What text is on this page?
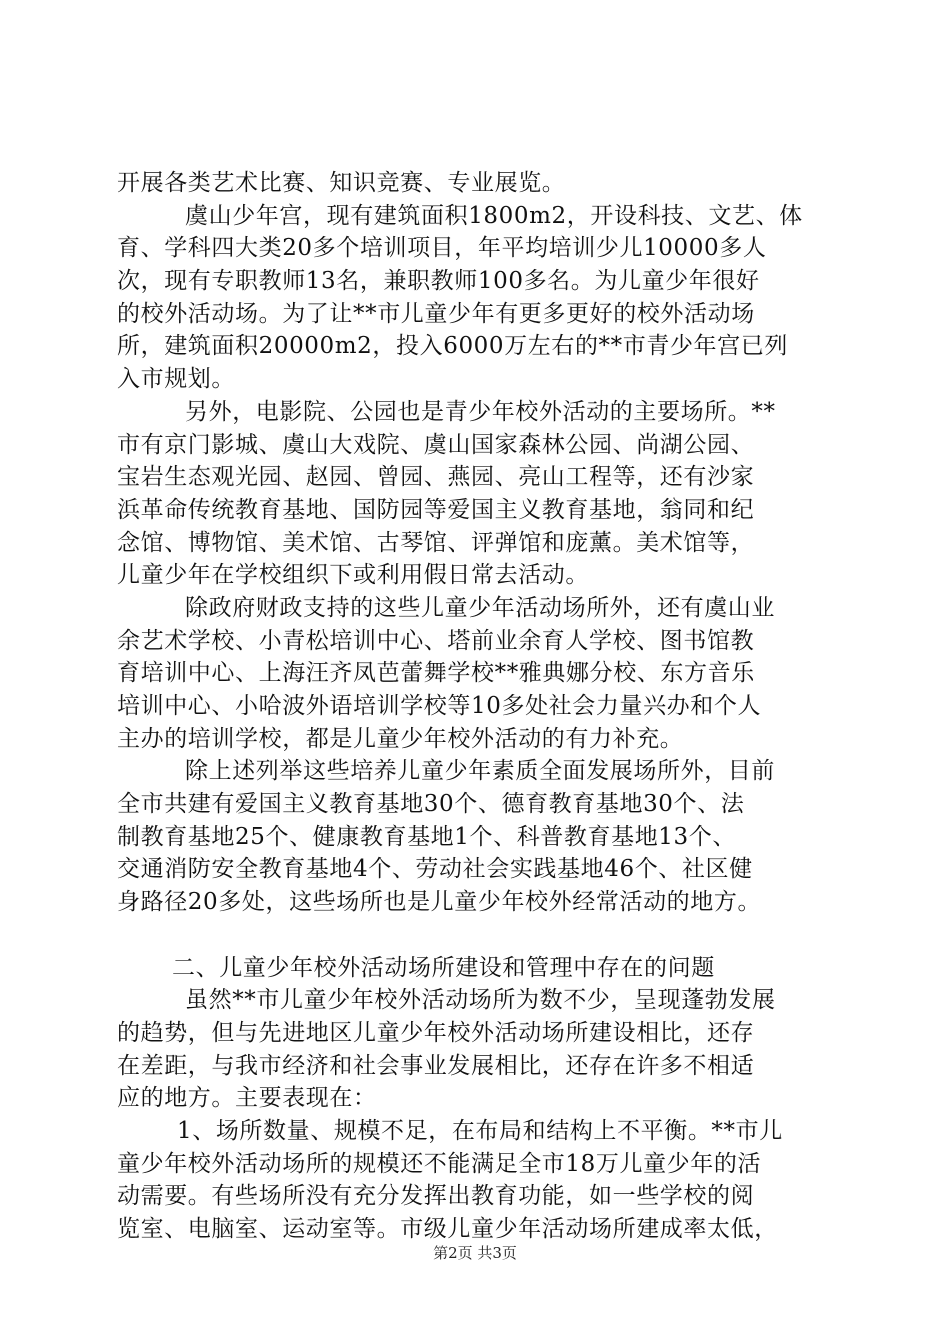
开展各类艺术比赛、知识竞赛、专业展览。
虞山少年宫，现有建筑面积1800m2，开设科技、文艺、体
育、学科四大类20多个培训项目，年平均培训少儿10000多人
次，现有专职教师13名，兼职教师100多名。为儿童少年很好
的校外活动场。为了让**市儿童少年有更多更好的校外活动场
所，建筑面积20000m2，投入6000万左右的**市青少年宫已列
入市规划。
另外，电影院、公园也是青少年校外活动的主要场所。**
市有京门影城、虞山大戏院、虞山国家森林公园、尚湖公园、
宝岩生态观光园、赵园、曾园、燕园、亮山工程等，还有沙家
浜革命传统教育基地、国防园等爱国主义教育基地，翁同和纪
念馆、博物馆、美术馆、古琴馆、评弹馆和庞薰。美术馆等，
儿童少年在学校组织下或利用假日常去活动。
除政府财政支持的这些儿童少年活动场所外，还有虞山业
余艺术学校、小青松培训中心、塔前业余育人学校、图书馆教
育培训中心、上海汪齐凤芭蕾舞学校**雅典娜分校、东方音乐
培训中心、小哈波外语培训学校等10多处社会力量兴办和个人
主办的培训学校，都是儿童少年校外活动的有力补充。
除上述列举这些培养儿童少年素质全面发展场所外，目前
全市共建有爱国主义教育基地30个、德育教育基地30个、法
制教育基地25个、健康教育基地1个、科普教育基地13个、
交通消防安全教育基地4个、劳动社会实践基地46个、社区健
身路径20多处，这些场所也是儿童少年校外经常活动的地方。
二、儿童少年校外活动场所建设和管理中存在的问题
虽然**市儿童少年校外活动场所为数不少，呈现蓬勃发展
的趋势，但与先进地区儿童少年校外活动场所建设相比，还存
在差距，与我市经济和社会事业发展相比，还存在许多不相适
应的地方。主要表现在：
1、场所数量、规模不足，在布局和结构上不平衡。**市儿
童少年校外活动场所的规模还不能满足全市18万儿童少年的活
动需要。有些场所没有充分发挥出教育功能，如一些学校的阅
览室、电脑室、运动室等。市级儿童少年活动场所建成率太低，
第2页 共3页
